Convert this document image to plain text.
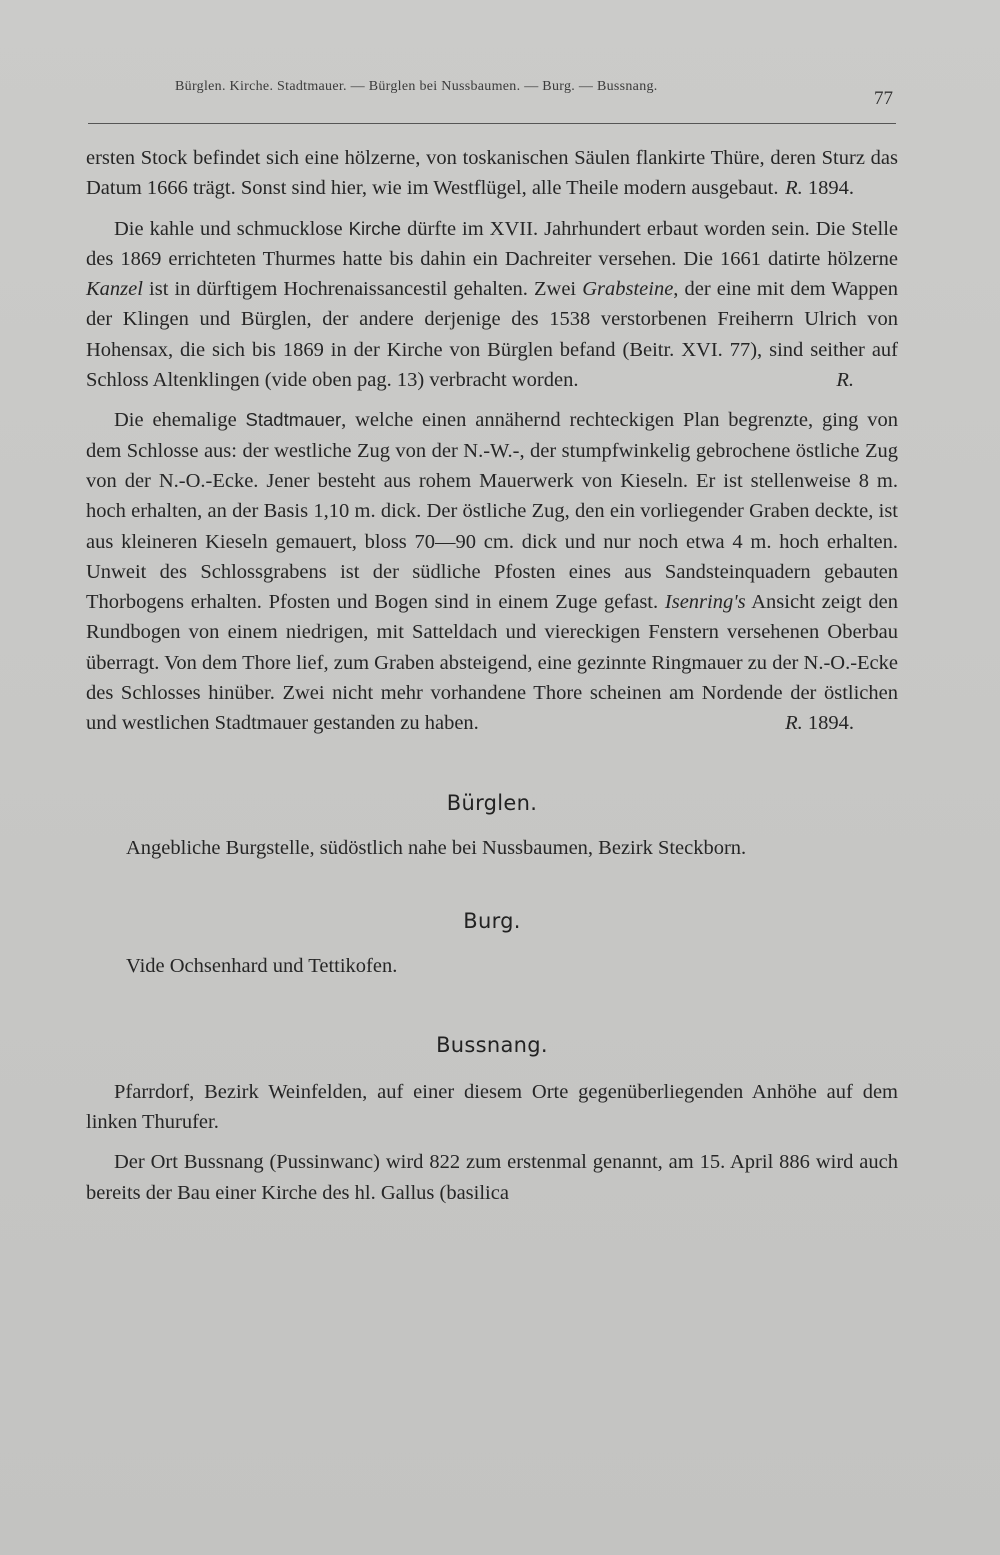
Bürglen. Kirche. Stadtmauer. — Bürglen bei Nussbaumen. — Burg. — Bussnang.
77

ersten Stock befindet sich eine hölzerne, von toskanischen Säulen flankirte Thüre, deren Sturz das Datum 1666 trägt. Sonst sind hier, wie im Westflügel, alle Theile modern ausgebaut. R. 1894.

Die kahle und schmucklose Kirche dürfte im XVII. Jahrhundert erbaut worden sein. Die Stelle des 1869 errichteten Thurmes hatte bis dahin ein Dachreiter versehen. Die 1661 datirte hölzerne Kanzel ist in dürftigem Hochrenaissancestil gehalten. Zwei Grabsteine, der eine mit dem Wappen der Klingen und Bürglen, der andere derjenige des 1538 verstorbenen Freiherrn Ulrich von Hohensax, die sich bis 1869 in der Kirche von Bürglen befand (Beitr. XVI. 77), sind seither auf Schloss Altenklingen (vide oben pag. 13) verbracht worden.	R.

Die ehemalige Stadtmauer, welche einen annähernd rechteckigen Plan begrenzte, ging von dem Schlosse aus: der westliche Zug von der N.-W.-, der stumpfwinkelig gebrochene östliche Zug von der N.-O.-Ecke. Jener besteht aus rohem Mauerwerk von Kieseln. Er ist stellenweise 8 m. hoch erhalten, an der Basis 1,10 m. dick. Der östliche Zug, den ein vorliegender Graben deckte, ist aus kleineren Kieseln gemauert, bloss 70—90 cm. dick und nur noch etwa 4 m. hoch erhalten. Unweit des Schlossgrabens ist der südliche Pfosten eines aus Sandsteinquadern gebauten Thorbogens erhalten. Pfosten und Bogen sind in einem Zuge gefast. Isenring's Ansicht zeigt den Rundbogen von einem niedrigen, mit Satteldach und viereckigen Fenstern versehenen Oberbau überragt. Von dem Thore lief, zum Graben absteigend, eine gezinnte Ringmauer zu der N.-O.-Ecke des Schlosses hinüber. Zwei nicht mehr vorhandene Thore scheinen am Nordende der östlichen und westlichen Stadtmauer gestanden zu haben.	R. 1894.

Bürglen.
Angebliche Burgstelle, südöstlich nahe bei Nussbaumen, Bezirk Steckborn.
Burg.
Vide Ochsenhard und Tettikofen.
Bussnang.

Pfarrdorf, Bezirk Weinfelden, auf einer diesem Orte gegenüberliegenden Anhöhe auf dem linken Thurufer.

Der Ort Bussnang (Pussinwanc) wird 822 zum erstenmal genannt, am 15. April 886 wird auch bereits der Bau einer Kirche des hl. Gallus (basilica
